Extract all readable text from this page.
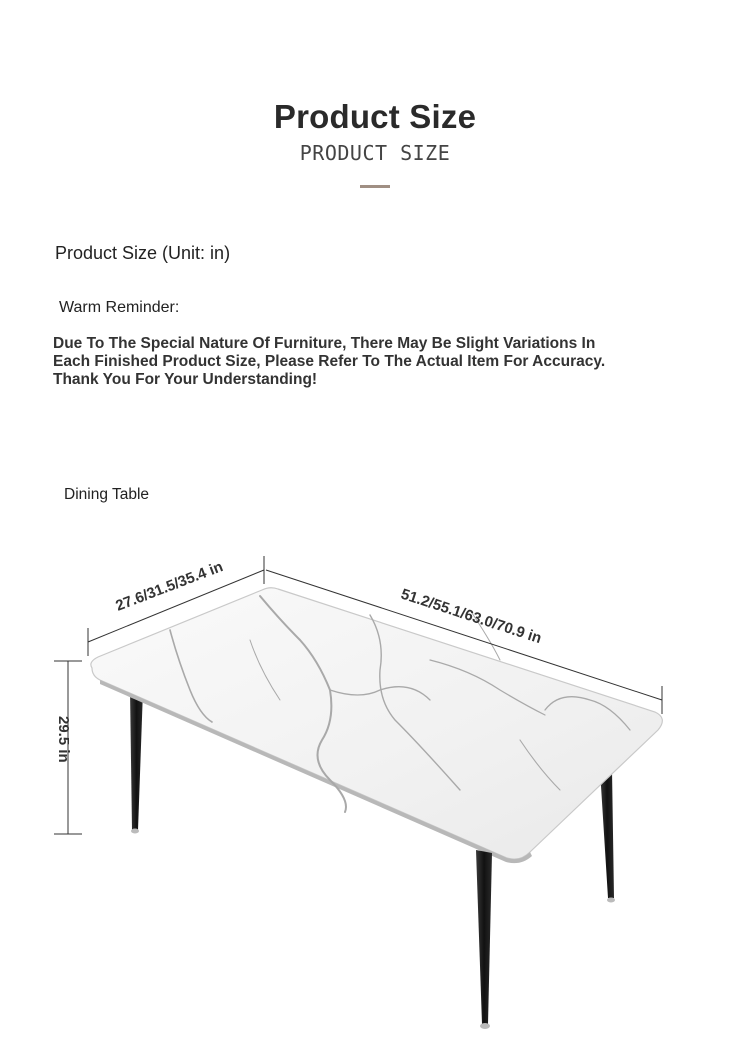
Product Size
PRODUCT SIZE
Product Size (Unit: in)
Warm Reminder:
Due To The Special Nature Of Furniture, There May Be Slight Variations In
Each Finished Product Size, Please Refer To The Actual Item For Accuracy.
Thank You For Your Understanding!
Dining Table
27.6/31.5/35.4 in	51.2/55.1/63.0/70.9 in
29.5 in
